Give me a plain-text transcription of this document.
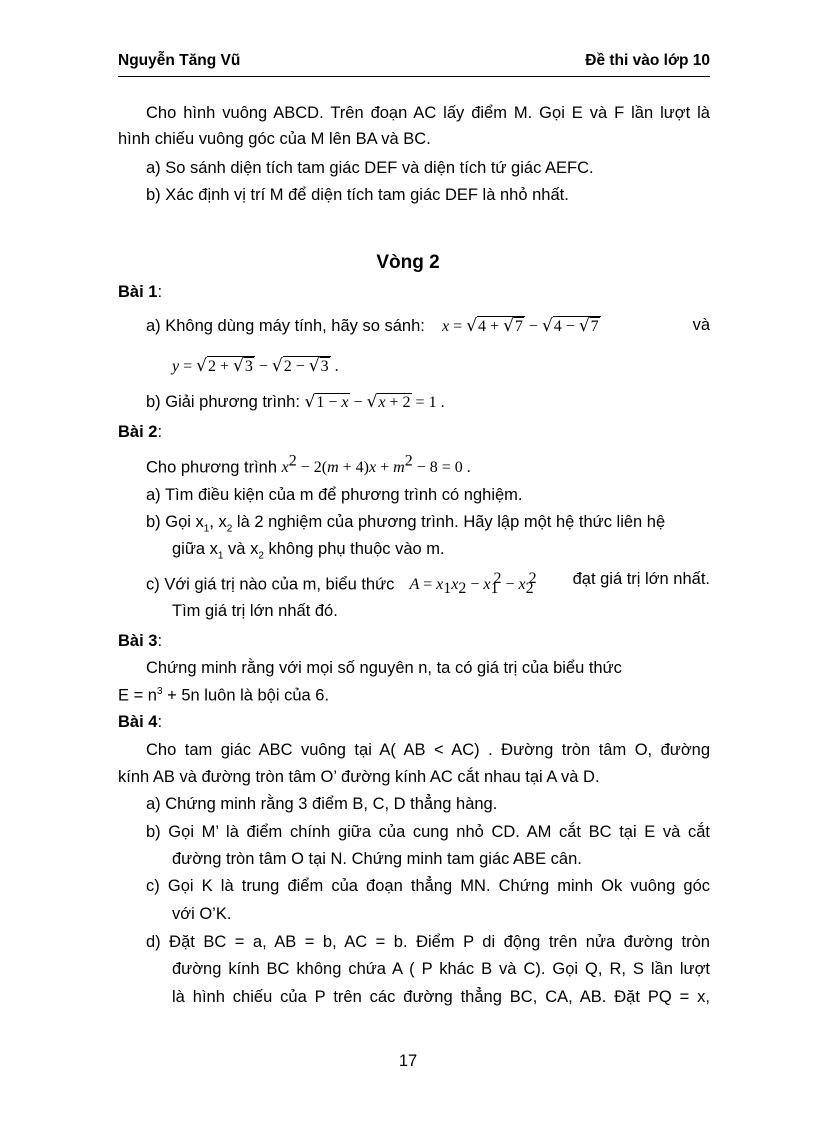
Nguyễn Tăng Vũ	Đề thi vào lớp 10
Cho hình vuông ABCD. Trên đoạn AC lấy điểm M. Gọi E và F lần lượt là
hình chiếu vuông góc của M lên BA và BC.
a) So sánh diện tích tam giác DEF và diện tích tứ giác AEFC.
b) Xác định vị trí M để diện tích tam giác DEF là nhỏ nhất.
Vòng 2
Bài 1:
a) Không dùng máy tính, hãy so sánh: x = √4 + √7 − √4 − √7	và
y = √2 + √3 − √2 − √3 .
b) Giải phương trình: √1 − x − √x + 2 = 1 .
Bài 2:
Cho phương trình $x^2 - 2(m + 4)x + m^2 - 8 = 0$ .
a) Tìm điều kiện của m để phương trình có nghiệm.
b) Gọi $x_1$, $x_2$ là 2 nghiệm của phương trình. Hãy lập một hệ thức liên hệ
giữa $x_1$ và $x_2$ không phụ thuộc vào m.
c) Với giá trị nào của m, biểu thức $A = x_1x_2 - x_1^2 - x_2^2$ đạt giá trị lớn nhất.
Tìm giá trị lớn nhất đó.
Bài 3:
Chứng minh rằng với mọi số nguyên n, ta có giá trị của biểu thức
$E = n^3 + 5n$ luôn là bội của 6.
Bài 4:
Cho tam giác ABC vuông tại A( AB < AC) . Đường tròn tâm O, đường
kính AB và đường tròn tâm O’ đường kính AC cắt nhau tại A và D.
a) Chứng minh rằng 3 điểm B, C, D thẳng hàng.
b) Gọi M’ là điểm chính giữa của cung nhỏ CD. AM cắt BC tại E và cắt
đường tròn tâm O tại N. Chứng minh tam giác ABE cân.
c) Gọi K là trung điểm của đoạn thẳng MN. Chứng minh Ok vuông góc
với O’K.
d) Đặt BC = a, AB = b, AC = b. Điểm P di động trên nửa đường tròn
đường kính BC không chứa A ( P khác B và C). Gọi Q, R, S lần lượt
là hình chiếu của P trên các đường thẳng BC, CA, AB. Đặt PQ = x,
17
